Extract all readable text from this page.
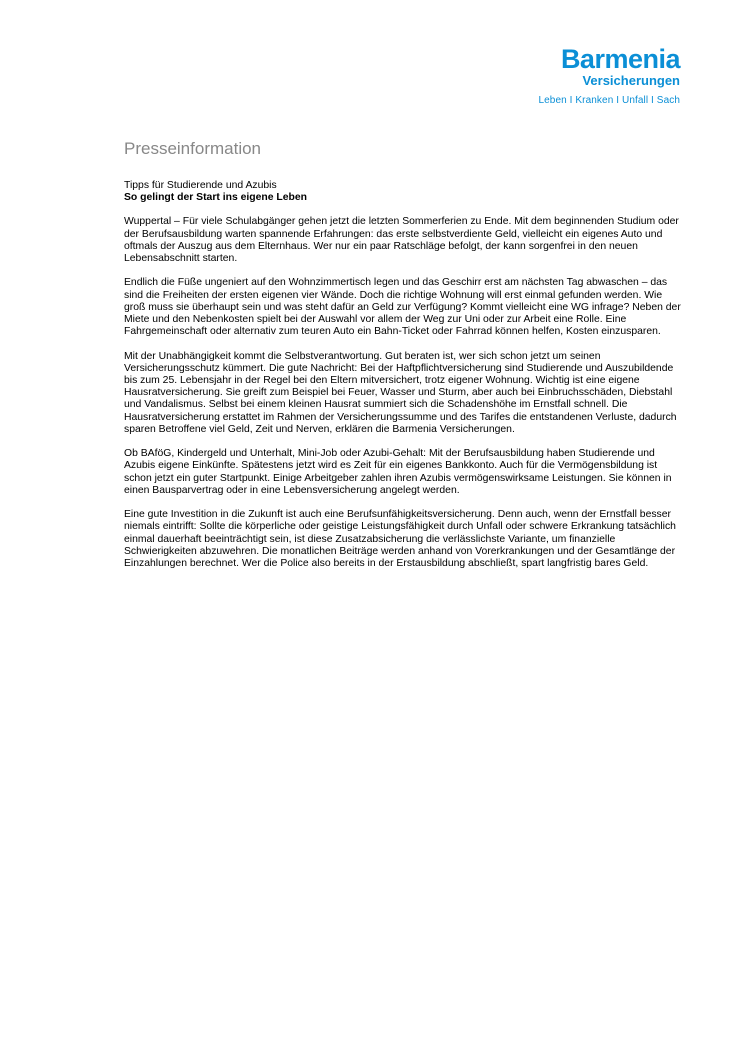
Barmenia
Versicherungen
Leben I Kranken I Unfall I Sach
Presseinformation

Tipps für Studierende und Azubis

So gelingt der Start ins eigene Leben

Wuppertal – Für viele Schulabgänger gehen jetzt die letzten Sommerferien zu Ende. Mit dem beginnenden Studium oder der Berufsausbildung warten spannende Erfahrungen: das erste selbstverdiente Geld, vielleicht ein eigenes Auto und oftmals der Auszug aus dem Elternhaus. Wer nur ein paar Ratschläge befolgt, der kann sorgenfrei in den neuen Lebensabschnitt starten.

Endlich die Füße ungeniert auf den Wohnzimmertisch legen und das Geschirr erst am nächsten Tag abwaschen – das sind die Freiheiten der ersten eigenen vier Wände. Doch die richtige Wohnung will erst einmal gefunden werden. Wie groß muss sie überhaupt sein und was steht dafür an Geld zur Verfügung? Kommt vielleicht eine WG infrage? Neben der Miete und den Nebenkosten spielt bei der Auswahl vor allem der Weg zur Uni oder zur Arbeit eine Rolle. Eine Fahrgemeinschaft oder alternativ zum teuren Auto ein Bahn-Ticket oder Fahrrad können helfen, Kosten einzusparen.

Mit der Unabhängigkeit kommt die Selbstverantwortung. Gut beraten ist, wer sich schon jetzt um seinen Versicherungsschutz kümmert. Die gute Nachricht: Bei der Haftpflichtversicherung sind Studierende und Auszubildende bis zum 25. Lebensjahr in der Regel bei den Eltern mitversichert, trotz eigener Wohnung. Wichtig ist eine eigene Hausratversicherung. Sie greift zum Beispiel bei Feuer, Wasser und Sturm, aber auch bei Einbruchsschäden, Diebstahl und Vandalismus. Selbst bei einem kleinen Hausrat summiert sich die Schadenshöhe im Ernstfall schnell. Die Hausratversicherung erstattet im Rahmen der Versicherungssumme und des Tarifes die entstandenen Verluste, dadurch sparen Betroffene viel Geld, Zeit und Nerven, erklären die Barmenia Versicherungen.

Ob BAföG, Kindergeld und Unterhalt, Mini-Job oder Azubi-Gehalt: Mit der Berufsausbildung haben Studierende und Azubis eigene Einkünfte. Spätestens jetzt wird es Zeit für ein eigenes Bankkonto. Auch für die Vermögensbildung ist schon jetzt ein guter Startpunkt. Einige Arbeitgeber zahlen ihren Azubis vermögenswirksame Leistungen. Sie können in einen Bausparvertrag oder in eine Lebensversicherung angelegt werden.

Eine gute Investition in die Zukunft ist auch eine Berufsunfähigkeitsversicherung. Denn auch, wenn der Ernstfall besser niemals eintrifft: Sollte die körperliche oder geistige Leistungsfähigkeit durch Unfall oder schwere Erkrankung tatsächlich einmal dauerhaft beeinträchtigt sein, ist diese Zusatzabsicherung die verlässlichste Variante, um finanzielle Schwierigkeiten abzuwehren. Die monatlichen Beiträge werden anhand von Vorerkrankungen und der Gesamtlänge der Einzahlungen berechnet. Wer die Police also bereits in der Erstausbildung abschließt, spart langfristig bares Geld.
